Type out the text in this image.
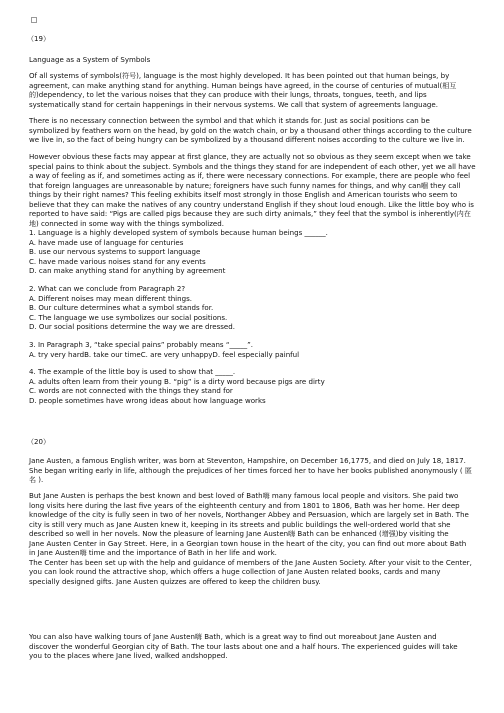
（19）
Language as a System of Symbols
Of all systems of symbols(符号), language is the most highly developed. It has been pointed out that human beings, by
agreement, can make anything stand for anything. Human beings have agreed, in the course of centuries of mutual(相互
的)dependency, to let the various noises that they can produce with their lungs, throats, tongues, teeth, and lips
systematically stand for certain happenings in their nervous systems. We call that system of agreements language.
There is no necessary connection between the symbol and that which it stands for. Just as social positions can be
symbolized by feathers worn on the head, by gold on the watch chain, or by a thousand other things according to the culture
we live in, so the fact of being hungry can be symbolized by a thousand different noises according to the culture we live in.
However obvious these facts may appear at first glance, they are actually not so obvious as they seem except when we take
special pains to think about the subject. Symbols and the things they stand for are independent of each other, yet we all have
a way of feeling as if, and sometimes acting as if, there were necessary connections. For example, there are people who feel
that foreign languages are unreasonable by nature; foreigners have such funny names for things, and why can嗰 they call
things by their right names? This feeling exhibits itself most strongly in those English and American tourists who seem to
believe that they can make the natives of any country understand English if they shout loud enough. Like the little boy who is
reported to have said: “Pigs are called pigs because they are such dirty animals,” they feel that the symbol is inherently(内在
地) connected in some way with the things symbolized.
1. Language is a highly developed system of symbols because human beings ______.
A. have made use of language for centuries
B. use our nervous systems to support language
C. have made various noises stand for any events
D. can make anything stand for anything by agreement
2. What can we conclude from Paragraph 2?
A. Different noises may mean different things.
B. Our culture determines what a symbol stands for.
C. The language we use symbolizes our social positions.
D. Our social positions determine the way we are dressed.
3. In Paragraph 3, “take special pains” probably means “_____”.
A. try very hardB. take our timeC. are very unhappyD. feel especially painful
4. The example of the little boy is used to show that _____.
A. adults often learn from their young B. “pig” is a dirty word because pigs are dirty
C. words are not connected with the things they stand for
D. people sometimes have wrong ideas about how language works
（20）
Jane Austen, a famous English writer, was born at Steventon, Hampshire, on December 16,1775, and died on July 18, 1817.
She began writing early in life, although the prejudices of her times forced her to have her books published anonymously ( 匿
名 ).
But Jane Austen is perhaps the best known and best loved of Bath嗨 many famous local people and visitors. She paid two
long visits here during the last five years of the eighteenth century and from 1801 to 1806, Bath was her home. Her deep
knowledge of the city is fully seen in two of her novels, Northanger Abbey and Persuasion, which are largely set in Bath. The
city is still very much as Jane Austen knew it, keeping in its streets and public buildings the well-ordered world that she
described so well in her novels. Now the pleasure of learning Jane Austen嗨 Bath can be enhanced (增强)by visiting the
Jane Austen Center in Gay Street. Here, in a Georgian town house in the heart of the city, you can find out more about Bath
in Jane Austen嗨 time and the importance of Bath in her life and work.
The Center has been set up with the help and guidance of members of the Jane Austen Society. After your visit to the Center,
you can look round the attractive shop, which offers a huge collection of Jane Austen related books, cards and many
specially designed gifts. Jane Austen quizzes are offered to keep the children busy.
You can also have walking tours of Jane Austen嗨 Bath, which is a great way to find out moreabout Jane Austen and
discover the wonderful Georgian city of Bath. The tour lasts about one and a half hours. The experienced guides will take
you to the places where Jane lived, walked andshopped.
